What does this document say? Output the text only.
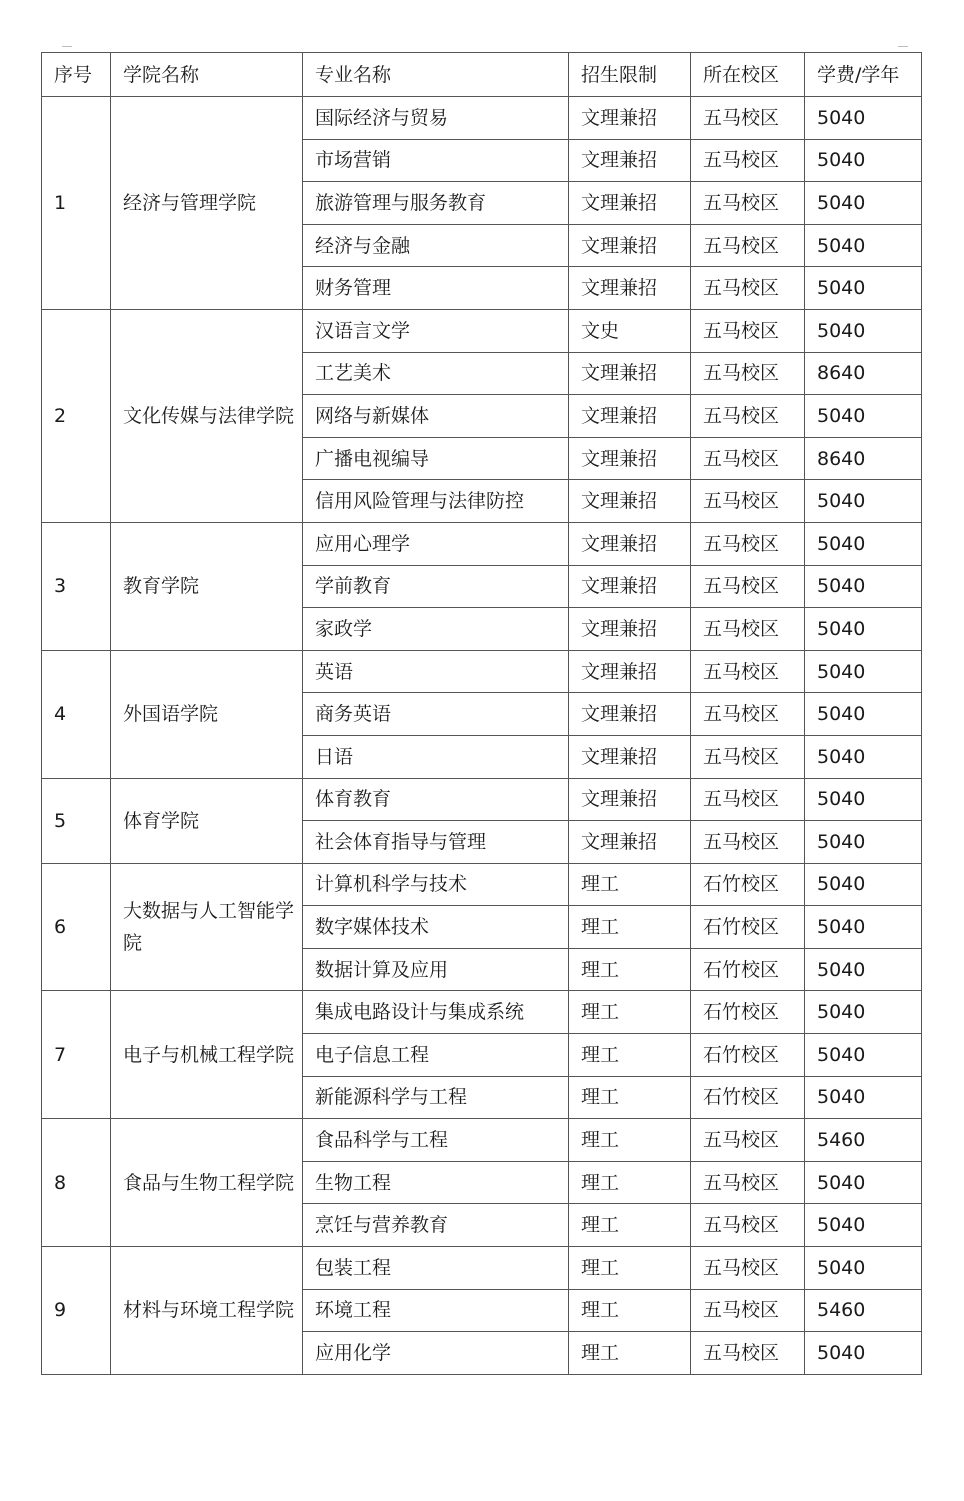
序号	学院名称	专业名称	招生限制	所在校区	学费/学年
1	经济与管理学院	国际经济与贸易	文理兼招	五马校区	5040
		市场营销	文理兼招	五马校区	5040
		旅游管理与服务教育	文理兼招	五马校区	5040
		经济与金融	文理兼招	五马校区	5040
		财务管理	文理兼招	五马校区	5040
2	文化传媒与法律学院	汉语言文学	文史	五马校区	5040
		工艺美术	文理兼招	五马校区	8640
		网络与新媒体	文理兼招	五马校区	5040
		广播电视编导	文理兼招	五马校区	8640
		信用风险管理与法律防控	文理兼招	五马校区	5040
3	教育学院	应用心理学	文理兼招	五马校区	5040
		学前教育	文理兼招	五马校区	5040
		家政学	文理兼招	五马校区	5040
4	外国语学院	英语	文理兼招	五马校区	5040
		商务英语	文理兼招	五马校区	5040
		日语	文理兼招	五马校区	5040
5	体育学院	体育教育	文理兼招	五马校区	5040
		社会体育指导与管理	文理兼招	五马校区	5040
6	大数据与人工智能学院	计算机科学与技术	理工	石竹校区	5040
		数字媒体技术	理工	石竹校区	5040
		数据计算及应用	理工	石竹校区	5040
7	电子与机械工程学院	集成电路设计与集成系统	理工	石竹校区	5040
		电子信息工程	理工	石竹校区	5040
		新能源科学与工程	理工	石竹校区	5040
8	食品与生物工程学院	食品科学与工程	理工	五马校区	5460
		生物工程	理工	五马校区	5040
		烹饪与营养教育	理工	五马校区	5040
9	材料与环境工程学院	包装工程	理工	五马校区	5040
		环境工程	理工	五马校区	5460
		应用化学	理工	五马校区	5040
